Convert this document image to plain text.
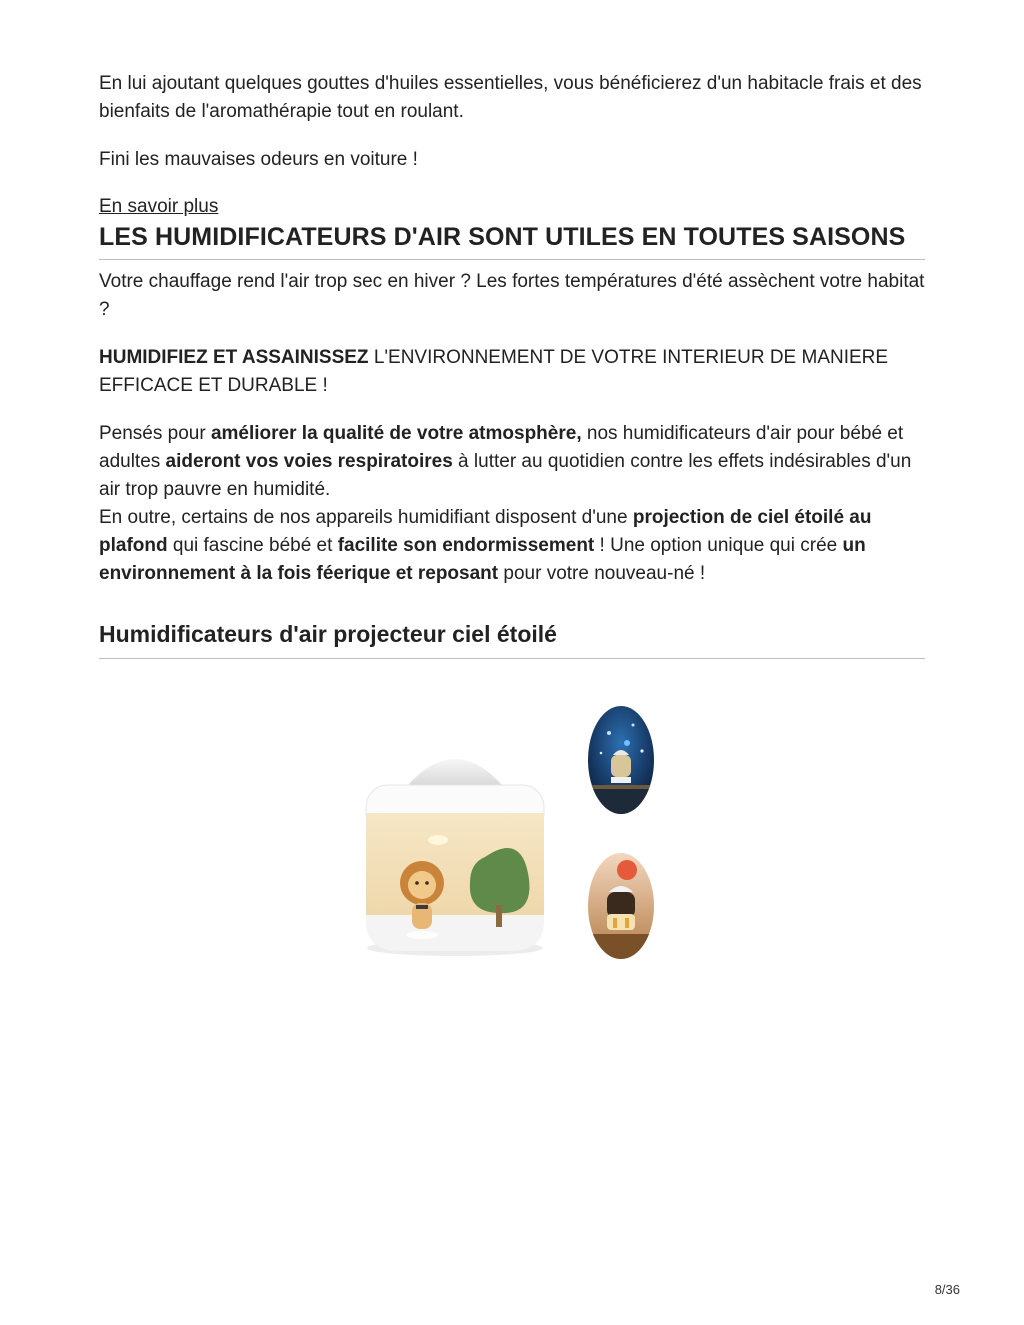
En lui ajoutant quelques gouttes d'huiles essentielles, vous bénéficierez d'un habitacle frais et des bienfaits de l'aromathérapie tout en roulant.

Fini les mauvaises odeurs en voiture !

En savoir plus
LES HUMIDIFICATEURS D'AIR SONT UTILES EN TOUTES SAISONS

Votre chauffage rend l'air trop sec en hiver ? Les fortes températures d'été assèchent votre habitat ?

HUMIDIFIEZ ET ASSAINISSEZ L'ENVIRONNEMENT DE VOTRE INTERIEUR DE MANIERE EFFICACE ET DURABLE !

Pensés pour améliorer la qualité de votre atmosphère, nos humidificateurs d'air pour bébé et adultes aideront vos voies respiratoires à lutter au quotidien contre les effets indésirables d'un air trop pauvre en humidité.

En outre, certains de nos appareils humidifiant disposent d'une projection de ciel étoilé au plafond qui fascine bébé et facilite son endormissement ! Une option unique qui crée un environnement à la fois féerique et reposant pour votre nouveau-né !

Humidificateurs d'air projecteur ciel étoilé
8/36
